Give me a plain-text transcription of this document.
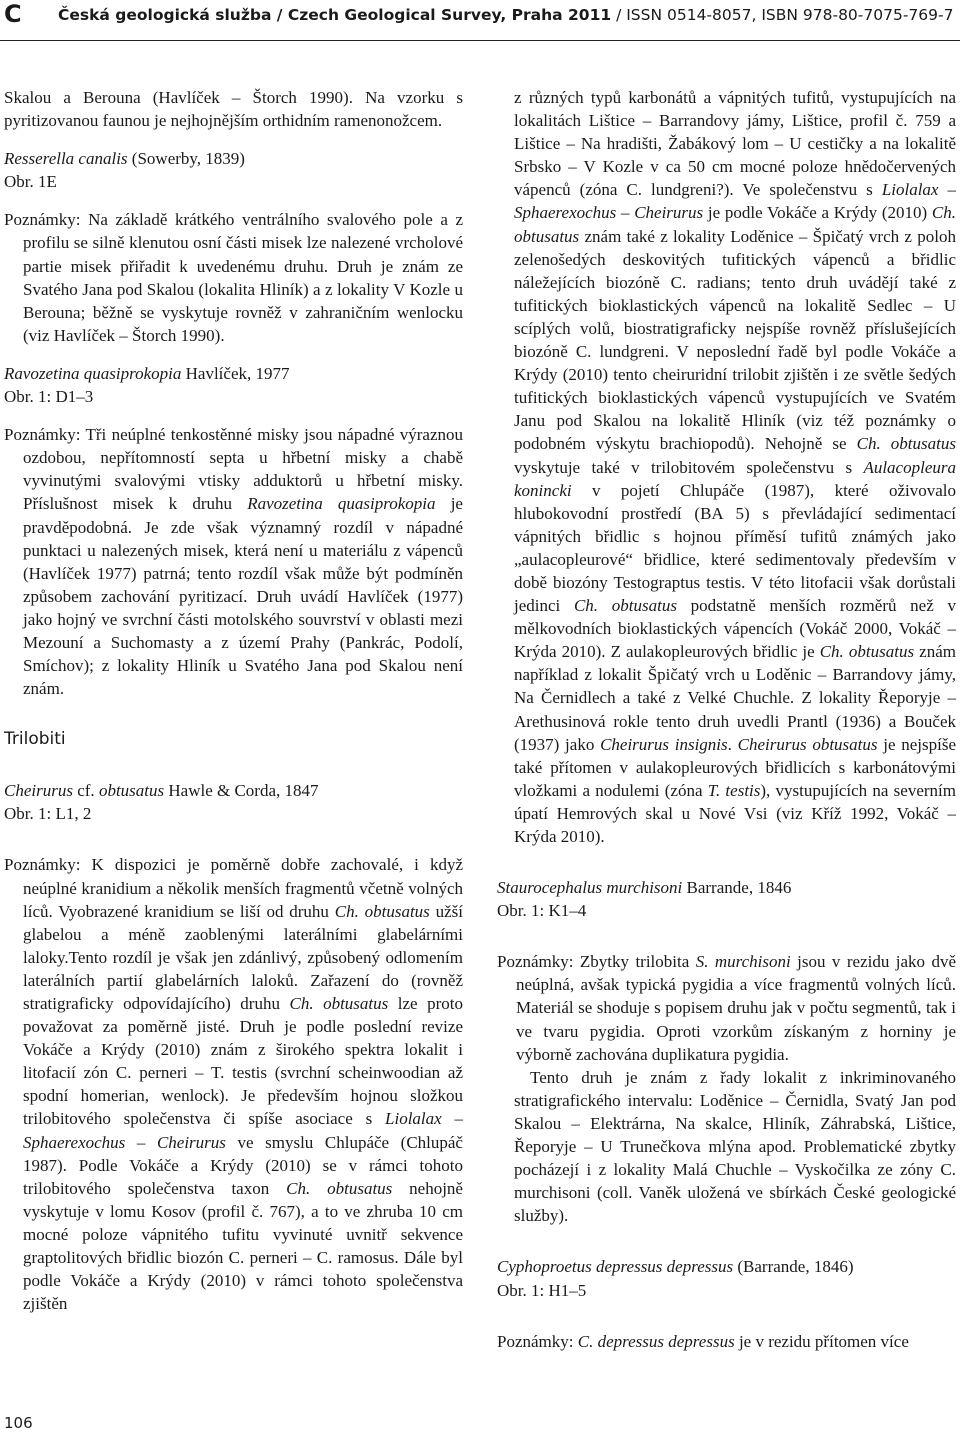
C Česká geologická služba / Czech Geological Survey, Praha 2011 / ISSN 0514-8057, ISBN 978-80-7075-769-7

Skalou a Berouna (Havlíček – Štorch 1990). Na vzorku s pyritizovanou faunou je nejhojnějším orthidním ramenonožcem.

Resserella canalis (Sowerby, 1839)

Obr. 1E

Poznámky: Na základě krátkého ventrálního svalového pole a z profilu se silně klenutou osní části misek lze nalezené vrcholové partie misek přiřadit k uvedenému druhu. Druh je znám ze Svatého Jana pod Skalou (lokalita Hliník) a z lokality V Kozle u Berouna; běžně se vyskytuje rovněž v zahraničním wenlocku (viz Havlíček – Štorch 1990).

Ravozetina quasiprokopia Havlíček, 1977

Obr. 1: D1–3

Poznámky: Tři neúplné tenkostěnné misky jsou nápadné výraznou ozdobou, nepřítomností septa u hřbetní misky a chabě vyvinutými svalovými vtisky adduktorů u hřbetní misky. Příslušnost misek k druhu Ravozetina quasiprokopia je pravděpodobná. Je zde však významný rozdíl v nápadné punktaci u nalezených misek, která není u materiálu z vápenců (Havlíček 1977) patrná; tento rozdíl však může být podmíněn způsobem zachování pyritizací. Druh uvádí Havlíček (1977) jako hojný ve svrchní části motolského souvrství v oblasti mezi Mezouní a Suchomasty a z území Prahy (Pankrác, Podolí, Smíchov); z lokality Hliník u Svatého Jana pod Skalou není znám.

Trilobiti

Cheirurus cf. obtusatus Hawle & Corda, 1847

Obr. 1: L1, 2

Poznámky: K dispozici je poměrně dobře zachovalé, i když neúplné kranidium a několik menších fragmentů včetně volných líců. Vyobrazené kranidium se liší od druhu Ch. obtusatus užší glabelou a méně zaoblenými laterálními glabelárními laloky.Tento rozdíl je však jen zdánlivý, způsobený odlomením laterálních partií glabelárních laloků. Zařazení do (rovněž stratigraficky odpovídajícího) druhu Ch. obtusatus lze proto považovat za poměrně jisté. Druh je podle poslední revize Vokáče a Krýdy (2010) znám z širokého spektra lokalit i litofacií zón C. perneri – T. testis (svrchní scheinwoodian až spodní homerian, wenlock). Je především hojnou složkou trilobitového společenstva či spíše asociace s Liolalax – Sphaerexochus – Cheirurus ve smyslu Chlupáče (Chlupáč 1987). Podle Vokáče a Krýdy (2010) se v rámci tohoto trilobitového společenstva taxon Ch. obtusatus nehojně vyskytuje v lomu Kosov (profil č. 767), a to ve zhruba 10 cm mocné poloze vápnitého tufitu vyvinuté uvnitř sekvence graptolitových břidlic biozón C. perneri – C. ramosus. Dále byl podle Vokáče a Krýdy (2010) v rámci tohoto společenstva zjištěn

z různých typů karbonátů a vápnitých tufitů, vystupujících na lokalitách Lištice – Barrandovy jámy, Lištice, profil č. 759 a Lištice – Na hradišti, Žabákový lom – U cestičky a na lokalitě Srbsko – V Kozle v ca 50 cm mocné poloze hnědočervených vápenců (zóna C. lundgreni?). Ve společenstvu s Liolalax – Sphaerexochus – Cheirurus je podle Vokáče a Krýdy (2010) Ch. obtusatus znám také z lokality Loděnice – Špičatý vrch z poloh zelenošedých deskovitých tufitických vápenců a břidlic náležejících biozóně C. radians; tento druh uvádějí také z tufitických bioklastických vápenců na lokalitě Sedlec – U scíplých volů, biostratigraficky nejspíše rovněž příslušejících biozóně C. lundgreni. V neposlední řadě byl podle Vokáče a Krýdy (2010) tento cheiruridní trilobit zjištěn i ze světle šedých tufitických bioklastických vápenců vystupujících ve Svatém Janu pod Skalou na lokalitě Hliník (viz též poznámky o podobném výskytu brachiopodů). Nehojně se Ch. obtusatus vyskytuje také v trilobitovém společenstvu s Aulacopleura konincki v pojetí Chlupáče (1987), které oživovalo hlubokovodní prostředí (BA 5) s převládající sedimentací vápnitých břidlic s hojnou příměsí tufitů známých jako „aulacopleurové“ břidlice, které sedimentovaly především v době biozóny Testograptus testis. V této litofacii však dorůstali jedinci Ch. obtusatus podstatně menších rozměrů než v mělkovodních bioklastických vápencích (Vokáč 2000, Vokáč – Krýda 2010). Z aulakopleurových břidlic je Ch. obtusatus znám například z lokalit Špičatý vrch u Loděnic – Barrandovy jámy, Na Černidlech a také z Velké Chuchle. Z lokality Řeporyje – Arethusinová rokle tento druh uvedli Prantl (1936) a Bouček (1937) jako Cheirurus insignis. Cheirurus obtusatus je nejspíše také přítomen v aulakopleurových břidlicích s karbonátovými vložkami a nodulemi (zóna T. testis), vystupujících na severním úpatí Hemrových skal u Nové Vsi (viz Kříž 1992, Vokáč – Krýda 2010).

Staurocephalus murchisoni Barrande, 1846

Obr. 1: K1–4

Poznámky: Zbytky trilobita S. murchisoni jsou v rezidu jako dvě neúplná, avšak typická pygidia a více fragmentů volných líců. Materiál se shoduje s popisem druhu jak v počtu segmentů, tak i ve tvaru pygidia. Oproti vzorkům získaným z horniny je výborně zachována duplikatura pygidia.

Tento druh je znám z řady lokalit z inkriminovaného stratigrafického intervalu: Loděnice – Černidla, Svatý Jan pod Skalou – Elektrárna, Na skalce, Hliník, Záhrabská, Lištice, Řeporyje – U Trunečkova mlýna apod. Problematické zbytky pocházejí i z lokality Malá Chuchle – Vyskočilka ze zóny C. murchisoni (coll. Vaněk uložená ve sbírkách České geologické služby).

Cyphoproetus depressus depressus (Barrande, 1846)

Obr. 1: H1–5

Poznámky: C. depressus depressus je v rezidu přítomen více

106
